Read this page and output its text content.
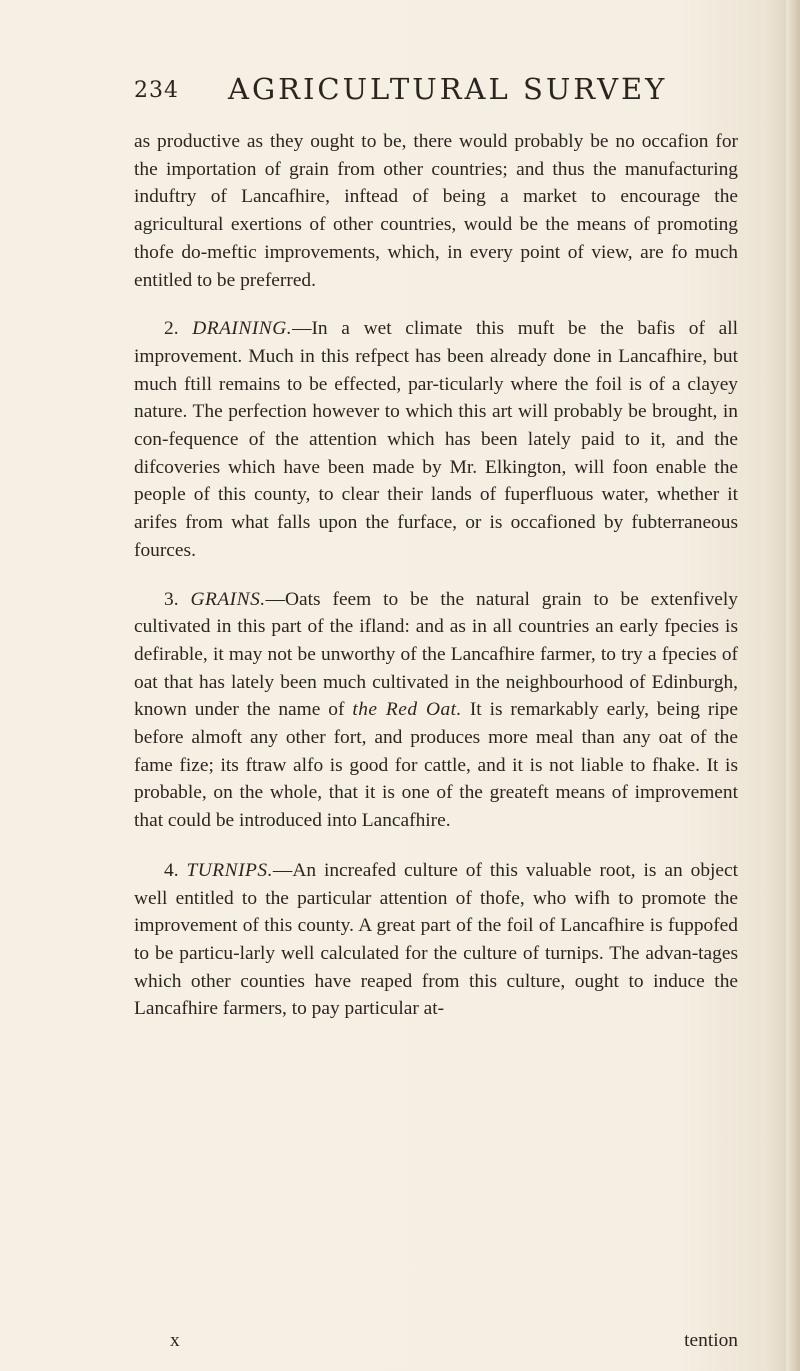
234 AGRICULTURAL SURVEY

as productive as they ought to be, there would probably be no occafion for the importation of grain from other countries; and thus the manufacturing induftry of Lancafhire, inftead of being a market to encourage the agricultural exertions of other countries, would be the means of promoting thofe do-meftic improvements, which, in every point of view, are fo much entitled to be preferred.

2. DRAINING.—In a wet climate this muft be the bafis of all improvement. Much in this refpect has been already done in Lancafhire, but much ftill remains to be effected, par-ticularly where the foil is of a clayey nature. The perfection however to which this art will probably be brought, in con-fequence of the attention which has been lately paid to it, and the difcoveries which have been made by Mr. Elkington, will foon enable the people of this county, to clear their lands of fuperfluous water, whether it arifes from what falls upon the furface, or is occafioned by fubterraneous fources.

3. GRAINS.—Oats feem to be the natural grain to be extenfively cultivated in this part of the ifland: and as in all countries an early fpecies is defirable, it may not be unworthy of the Lancafhire farmer, to try a fpecies of oat that has lately been much cultivated in the neighbourhood of Edinburgh, known under the name of the Red Oat. It is remarkably early, being ripe before almoft any other fort, and produces more meal than any oat of the fame fize; its ftraw alfo is good for cattle, and it is not liable to fhake. It is probable, on the whole, that it is one of the greateft means of improvement that could be introduced into Lancafhire.

4. TURNIPS.—An increafed culture of this valuable root, is an object well entitled to the particular attention of thofe, who wifh to promote the improvement of this county. A great part of the foil of Lancafhire is fuppofed to be particu-larly well calculated for the culture of turnips. The advan-tages which other counties have reaped from this culture, ought to induce the Lancafhire farmers, to pay particular at-

x	tention
